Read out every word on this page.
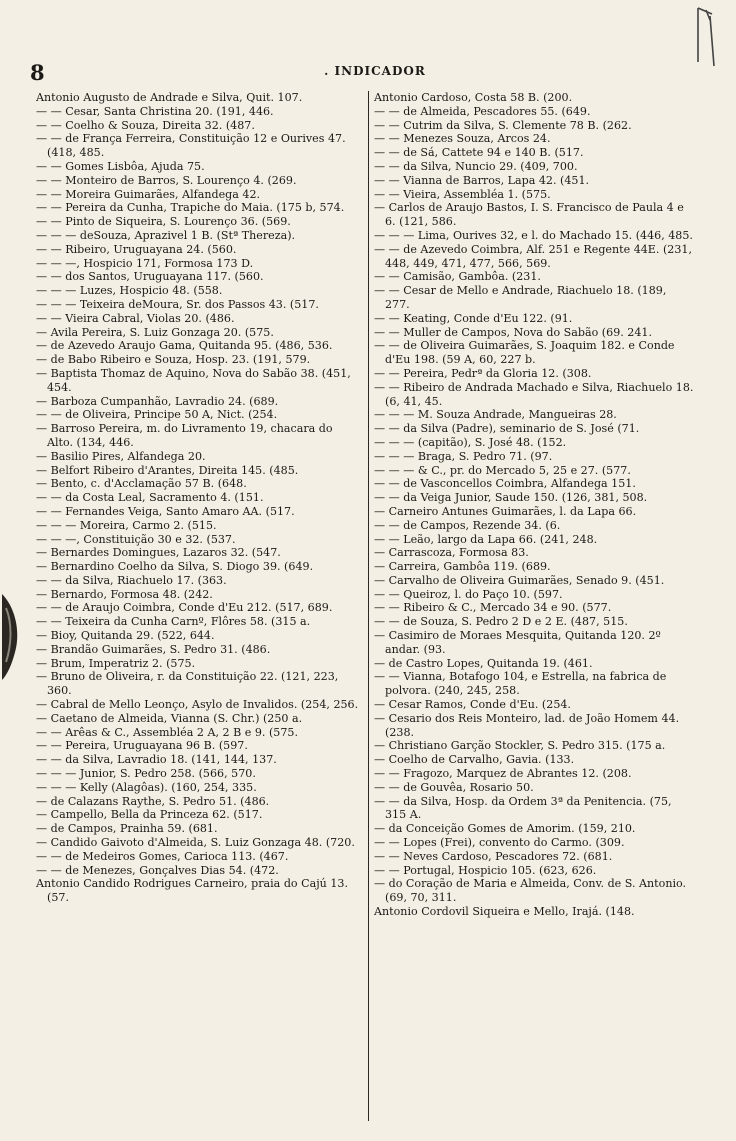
8	. INDICADOR

Antonio Augusto de Andrade e Silva, Quit. 107.

— — Cesar, Santa Christina 20. (191, 446.

— — Coelho & Souza, Direita 32. (487.

— — de França Ferreira, Constituição 12 e Ourives 47. (418, 485.

— — Gomes Lisbôa, Ajuda 75.

— — Monteiro de Barros, S. Lourenço 4. (269.

— — Moreira Guimarães, Alfandega 42.

— — Pereira da Cunha, Trapiche do Maia. (175 b, 574.

— — Pinto de Siqueira, S. Lourenço 36. (569.

— — — deSouza, Aprazivel 1 B. (Stª Thereza).

— — Ribeiro, Uruguayana 24. (560.

— — —, Hospicio 171, Formosa 173 D.

— — dos Santos, Uruguayana 117. (560.

— — — Luzes, Hospicio 48. (558.

— — — Teixeira deMoura, Sr. dos Passos 43. (517.

— — Vieira Cabral, Violas 20. (486.

— Avila Pereira, S. Luiz Gonzaga 20. (575.

— de Azevedo Araujo Gama, Quitanda 95. (486, 536.

— de Babo Ribeiro e Souza, Hosp. 23. (191, 579.

— Baptista Thomaz de Aquino, Nova do Sabão 38. (451, 454.

— Barboza Cumpanhão, Lavradio 24. (689.

— — de Oliveira, Principe 50 A, Nict. (254.

— Barroso Pereira, m. do Livramento 19, chacara do Alto. (134, 446.

— Basilio Pires, Alfandega 20.

— Belfort Ribeiro d'Arantes, Direita 145. (485.

— Bento, c. d'Acclamação 57 B. (648.

— — da Costa Leal, Sacramento 4. (151.

— — Fernandes Veiga, Santo Amaro AA. (517.

— — — Moreira, Carmo 2. (515.

— — —, Constituição 30 e 32. (537.

— Bernardes Domingues, Lazaros 32. (547.

— Bernardino Coelho da Silva, S. Diogo 39. (649.

— — da Silva, Riachuelo 17. (363.

— Bernardo, Formosa 48. (242.

— — de Araujo Coimbra, Conde d'Eu 212. (517, 689.

— — Teixeira da Cunha Carnº, Flôres 58. (315 a.

— Bioy, Quitanda 29. (522, 644.

— Brandão Guimarães, S. Pedro 31. (486.

— Brum, Imperatriz 2. (575.

— Bruno de Oliveira, r. da Constituição 22. (121, 223, 360.

— Cabral de Mello Leonço, Asylo de Invalidos. (254, 256.

— Caetano de Almeida, Vianna (S. Chr.) (250 a.

— — Arêas & C., Assembléa 2 A, 2 B e 9. (575.

— — Pereira, Uruguayana 96 B. (597.

— — da Silva, Lavradio 18. (141, 144, 137.

— — — Junior, S. Pedro 258. (566, 570.

— — — Kelly (Alagôas). (160, 254, 335.

— de Calazans Raythe, S. Pedro 51. (486.

— Campello, Bella da Princeza 62. (517.

— de Campos, Prainha 59. (681.

— Candido Gaivoto d'Almeida, S. Luiz Gonzaga 48. (720.

— — de Medeiros Gomes, Carioca 113. (467.

— — de Menezes, Gonçalves Dias 54. (472.

Antonio Candido Rodrigues Carneiro, praia do Cajú 13. (57.

Antonio Cardoso, Costa 58 B. (200.

— — de Almeida, Pescadores 55. (649.

— — Cutrim da Silva, S. Clemente 78 B. (262.

— — Menezes Souza, Arcos 24.

— — de Sá, Cattete 94 e 140 B. (517.

— — da Silva, Nuncio 29. (409, 700.

— — Vianna de Barros, Lapa 42. (451.

— — Vieira, Assembléa 1. (575.

— Carlos de Araujo Bastos, I. S. Francisco de Paula 4 e 6. (121, 586.

— — — Lima, Ourives 32, e l. do Machado 15. (446, 485.

— — de Azevedo Coimbra, Alf. 251 e Regente 44E. (231, 448, 449, 471, 477, 566, 569.

— — Camisão, Gambôa. (231.

— — Cesar de Mello e Andrade, Riachuelo 18. (189, 277.

— — Keating, Conde d'Eu 122. (91.

— — Muller de Campos, Nova do Sabão (69. 241.

— — de Oliveira Guimarães, S. Joaquim 182. e Conde d'Eu 198. (59 A, 60, 227 b.

— — Pereira, Pedrª da Gloria 12. (308.

— — Ribeiro de Andrada Machado e Silva, Riachuelo 18. (6, 41, 45.

— — — M. Souza Andrade, Mangueiras 28.

— — da Silva (Padre), seminario de S. José (71.

— — — (capitão), S. José 48. (152.

— — — Braga, S. Pedro 71. (97.

— — — & C., pr. do Mercado 5, 25 e 27. (577.

— — de Vasconcellos Coimbra, Alfandega 151.

— — da Veiga Junior, Saude 150. (126, 381, 508.

— Carneiro Antunes Guimarães, l. da Lapa 66.

— — de Campos, Rezende 34. (6.

— — Leão, largo da Lapa 66. (241, 248.

— Carrascoza, Formosa 83.

— Carreira, Gambôa 119. (689.

— Carvalho de Oliveira Guimarães, Senado 9. (451.

— — Queiroz, l. do Paço 10. (597.

— — Ribeiro & C., Mercado 34 e 90. (577.

— — de Souza, S. Pedro 2 D e 2 E. (487, 515.

— Casimiro de Moraes Mesquita, Quitanda 120. 2º andar. (93.

— de Castro Lopes, Quitanda 19. (461.

— — Vianna, Botafogo 104, e Estrella, na fabrica de polvora. (240, 245, 258.

— Cesar Ramos, Conde d'Eu. (254.

— Cesario dos Reis Monteiro, lad. de João Homem 44. (238.

— Christiano Garção Stockler, S. Pedro 315. (175 a.

— Coelho de Carvalho, Gavia. (133.

— — Fragozo, Marquez de Abrantes 12. (208.

— — de Gouvêa, Rosario 50.

— — da Silva, Hosp. da Ordem 3ª da Penitencia. (75, 315 A.

— da Conceição Gomes de Amorim. (159, 210.

— — Lopes (Frei), convento do Carmo. (309.

— — Neves Cardoso, Pescadores 72. (681.

— — Portugal, Hospicio 105. (623, 626.

— do Coração de Maria e Almeida, Conv. de S. Antonio. (69, 70, 311.

Antonio Cordovil Siqueira e Mello, Irajá. (148.
